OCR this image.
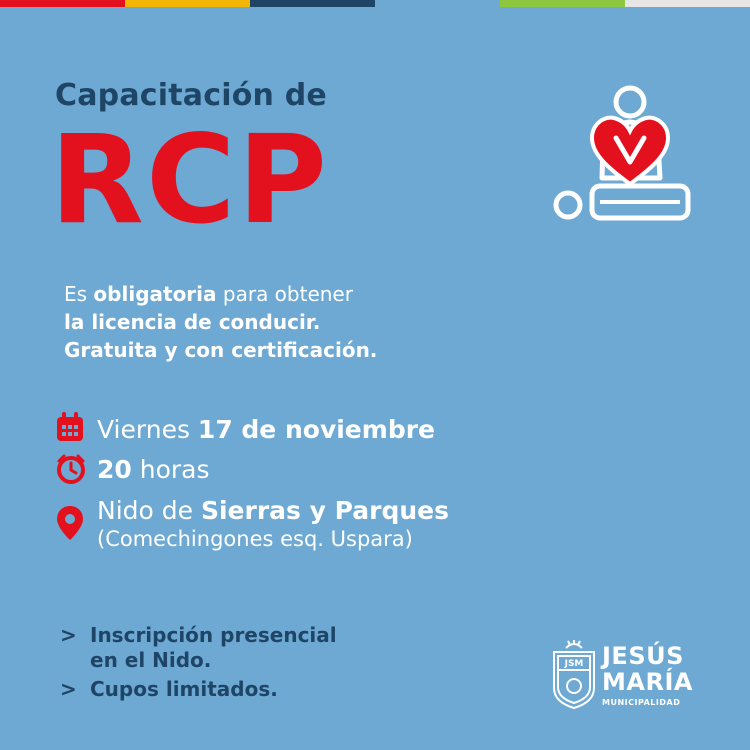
Capacitación de
RCP
Es obligatoria para obtener
la licencia de conducir.
Gratuita y con certificación.
Viernes 17 de noviembre
20 horas
Nido de Sierras y Parques
(Comechingones esq. Uspara)
> Inscripción presencial
en el Nido.
> Cupos limitados.
JSM JESÚS
MARÍA
MUNICIPALIDAD
